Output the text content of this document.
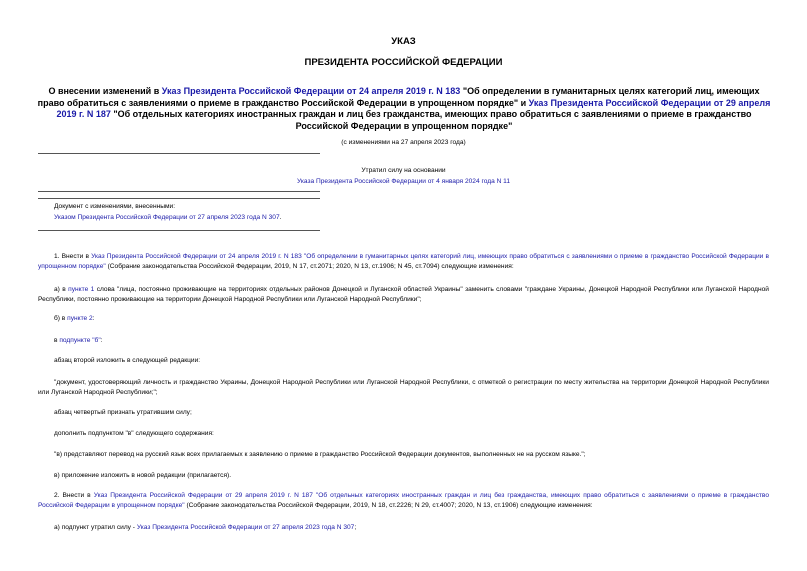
УКАЗ
ПРЕЗИДЕНТА РОССИЙСКОЙ ФЕДЕРАЦИИ
О внесении изменений в Указ Президента Российской Федерации от 24 апреля 2019 г. N 183 "Об определении в гуманитарных целях категорий лиц, имеющих право обратиться с заявлениями о приеме в гражданство Российской Федерации в упрощенном порядке" и Указ Президента Российской Федерации от 29 апреля 2019 г. N 187 "Об отдельных категориях иностранных граждан и лиц без гражданства, имеющих право обратиться с заявлениями о приеме в гражданство Российской Федерации в упрощенном порядке"
(с изменениями на 27 апреля 2023 года)
Утратил силу на основании
Указа Президента Российской Федерации от 4 января 2024 года N 11
Документ с изменениями, внесенными:
Указом Президента Российской Федерации от 27 апреля 2023 года N 307.
1. Внести в Указ Президента Российской Федерации от 24 апреля 2019 г. N 183 "Об определении в гуманитарных целях категорий лиц, имеющих право обратиться с заявлениями о приеме в гражданство Российской Федерации в упрощенном порядке" (Собрание законодательства Российской Федерации, 2019, N 17, ст.2071; 2020, N 13, ст.1906; N 45, ст.7094) следующие изменения:
а) в пункте 1 слова "лица, постоянно проживающие на территориях отдельных районов Донецкой и Луганской областей Украины" заменить словами "граждане Украины, Донецкой Народной Республики или Луганской Народной Республики, постоянно проживающие на территории Донецкой Народной Республики или Луганской Народной Республики";
б) в пункте 2:
в подпункте "б":
абзац второй изложить в следующей редакции:
"документ, удостоверяющий личность и гражданство Украины, Донецкой Народной Республики или Луганской Народной Республики, с отметкой о регистрации по месту жительства на территории Донецкой Народной Республики или Луганской Народной Республики;";
абзац четвертый признать утратившим силу;
дополнить подпунктом "в" следующего содержания:
"в) представляют перевод на русский язык всех прилагаемых к заявлению о приеме в гражданство Российской Федерации документов, выполненных не на русском языке.";
в) приложение изложить в новой редакции (прилагается).
2. Внести в Указ Президента Российской Федерации от 29 апреля 2019 г. N 187 "Об отдельных категориях иностранных граждан и лиц без гражданства, имеющих право обратиться с заявлениями о приеме в гражданство Российской Федерации в упрощенном порядке" (Собрание законодательства Российской Федерации, 2019, N 18, ст.2226; N 29, ст.4007; 2020, N 13, ст.1906) следующие изменения:
а) подпункт утратил силу - Указ Президента Российской Федерации от 27 апреля 2023 года N 307;
